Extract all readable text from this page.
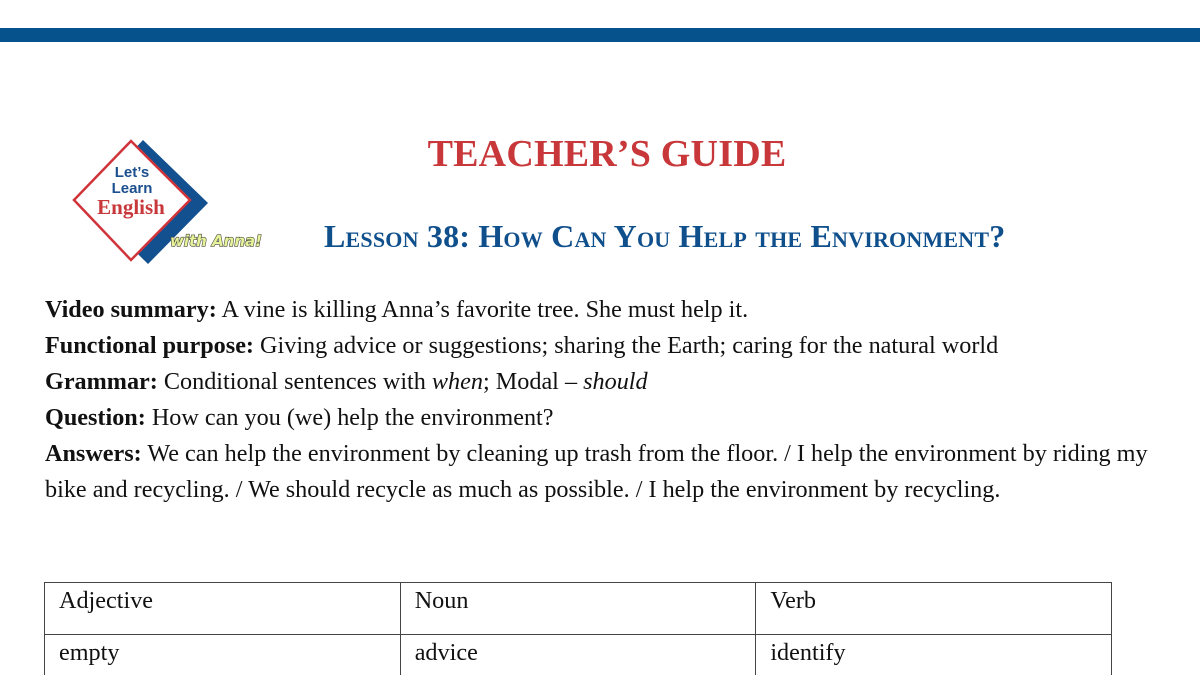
Let’s
Learn
English
with Anna!
TEACHER’S GUIDE
Lesson 38: How Can You Help the Environment?

Video summary: A vine is killing Anna’s favorite tree. She must help it.

Functional purpose: Giving advice or suggestions; sharing the Earth; caring for the natural world

Grammar: Conditional sentences with when; Modal – should

Question: How can you (we) help the environment?

Answers: We can help the environment by cleaning up trash from the floor. / I help the environment by riding my bike and recycling. / We should recycle as much as possible. / I help the environment by recycling.

Adjective	Noun	Verb
empty	advice	identify
